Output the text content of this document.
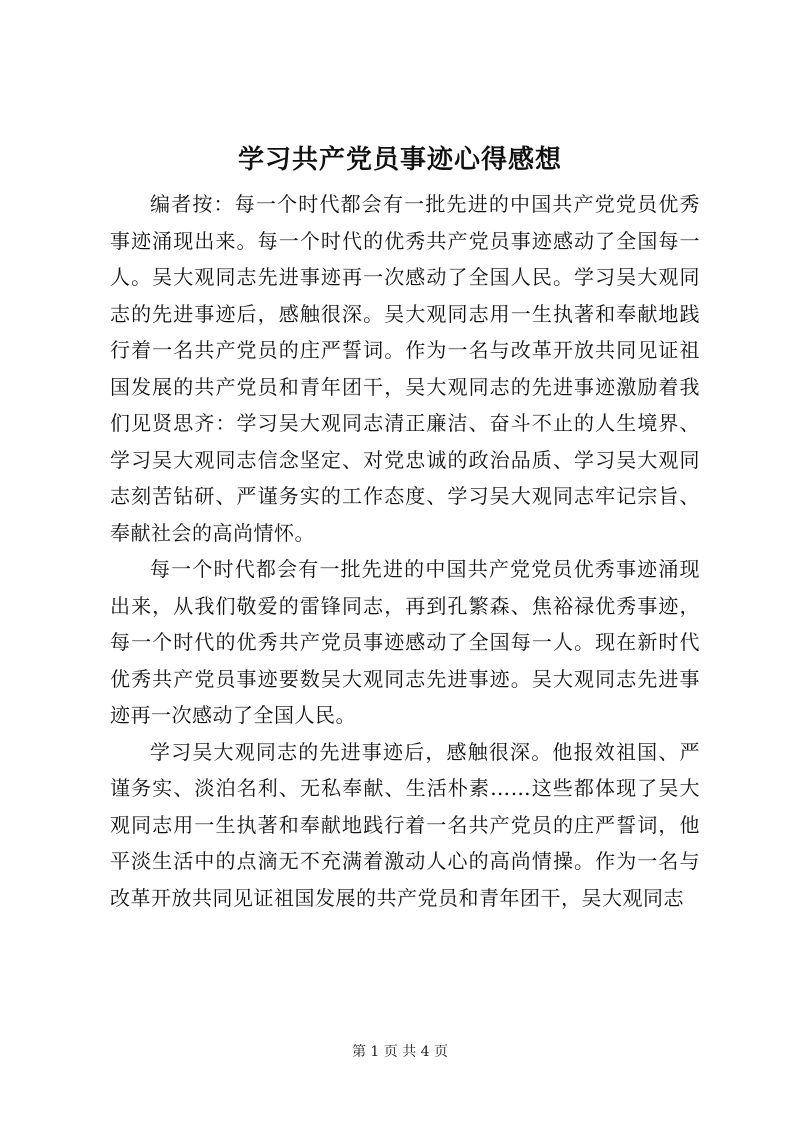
学习共产党员事迹心得感想

编者按：每一个时代都会有一批先进的中国共产党党员优秀事迹涌现出来。每一个时代的优秀共产党员事迹感动了全国每一人。吴大观同志先进事迹再一次感动了全国人民。学习吴大观同志的先进事迹后，感触很深。吴大观同志用一生执著和奉献地践行着一名共产党员的庄严誓词。作为一名与改革开放共同见证祖国发展的共产党员和青年团干，吴大观同志的先进事迹激励着我们见贤思齐：学习吴大观同志清正廉洁、奋斗不止的人生境界、学习吴大观同志信念坚定、对党忠诚的政治品质、学习吴大观同志刻苦钻研、严谨务实的工作态度、学习吴大观同志牢记宗旨、奉献社会的高尚情怀。

每一个时代都会有一批先进的中国共产党党员优秀事迹涌现出来，从我们敬爱的雷锋同志，再到孔繁森、焦裕禄优秀事迹，每一个时代的优秀共产党员事迹感动了全国每一人。现在新时代优秀共产党员事迹要数吴大观同志先进事迹。吴大观同志先进事迹再一次感动了全国人民。

学习吴大观同志的先进事迹后，感触很深。他报效祖国、严谨务实、淡泊名利、无私奉献、生活朴素……这些都体现了吴大观同志用一生执著和奉献地践行着一名共产党员的庄严誓词，他平淡生活中的点滴无不充满着激动人心的高尚情操。作为一名与改革开放共同见证祖国发展的共产党员和青年团干，吴大观同志

第 1 页 共 4 页
